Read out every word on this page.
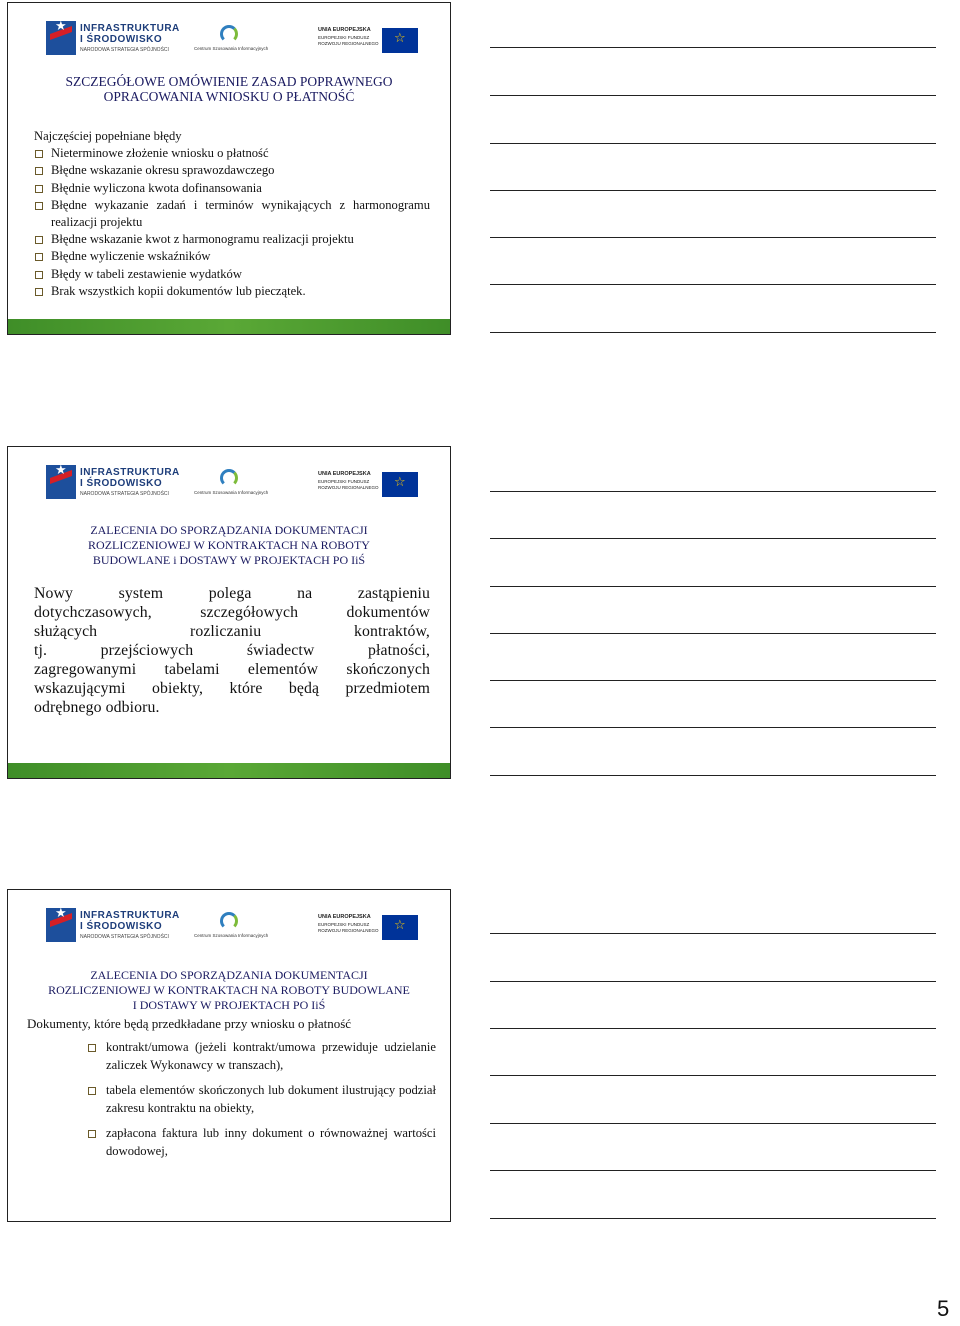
★
INFRASTRUKTURA
I ŚRODOWISKO
NARODOWA STRATEGIA SPÓJNOŚCI	Centrum Szosowania Informacyjnych
UNIA EUROPEJSKA
EUROPEJSKI FUNDUSZ
ROZWOJU REGIONALNEGO
☆
SZCZEGÓŁOWE OMÓWIENIE ZASAD POPRAWNEGO
OPRACOWANIA WNIOSKU O PŁATNOŚĆ
Najczęściej popełniane błędy
Nieterminowe złożenie wniosku o płatność
Błędne wskazanie okresu sprawozdawczego
Błędnie wyliczona kwota dofinansowania
Błędne wykazanie zadań i terminów wynikających z harmonogramu realizacji projektu
Błędne wskazanie kwot z harmonogramu realizacji projektu
Błędne wyliczenie wskaźników
Błędy w tabeli zestawienie wydatków
Brak wszystkich kopii dokumentów lub pieczątek.
★
INFRASTRUKTURA
I ŚRODOWISKO
NARODOWA STRATEGIA SPÓJNOŚCI	Centrum Szosowania Informacyjnych
UNIA EUROPEJSKA
EUROPEJSKI FUNDUSZ
ROZWOJU REGIONALNEGO
☆
ZALECENIA DO SPORZĄDZANIA DOKUMENTACJI
ROZLICZENIOWEJ W KONTRAKTACH NA ROBOTY
BUDOWLANE i DOSTAWY W PROJEKTACH PO IiŚ
Nowy system polega na zastąpieniu
dotychczasowych, szczegółowych dokumentów
służących rozliczaniu kontraktów,
tj. przejściowych świadectw płatności,
zagregowanymi tabelami elementów skończonych
wskazującymi obiekty, które będą przedmiotem
odrębnego odbioru.
★
INFRASTRUKTURA
I ŚRODOWISKO
NARODOWA STRATEGIA SPÓJNOŚCI	Centrum Szosowania Informacyjnych
UNIA EUROPEJSKA
EUROPEJSKI FUNDUSZ
ROZWOJU REGIONALNEGO
☆
ZALECENIA DO SPORZĄDZANIA DOKUMENTACJI
ROZLICZENIOWEJ W KONTRAKTACH NA ROBOTY BUDOWLANE
I DOSTAWY W PROJEKTACH PO IiŚ
Dokumenty, które będą przedkładane przy wniosku o płatność
kontrakt/umowa (jeżeli kontrakt/umowa przewiduje udzielanie zaliczek Wykonawcy w transzach),
tabela elementów skończonych lub dokument ilustrujący podział zakresu kontraktu na obiekty,
zapłacona faktura lub inny dokument o równoważnej wartości dowodowej,
5
